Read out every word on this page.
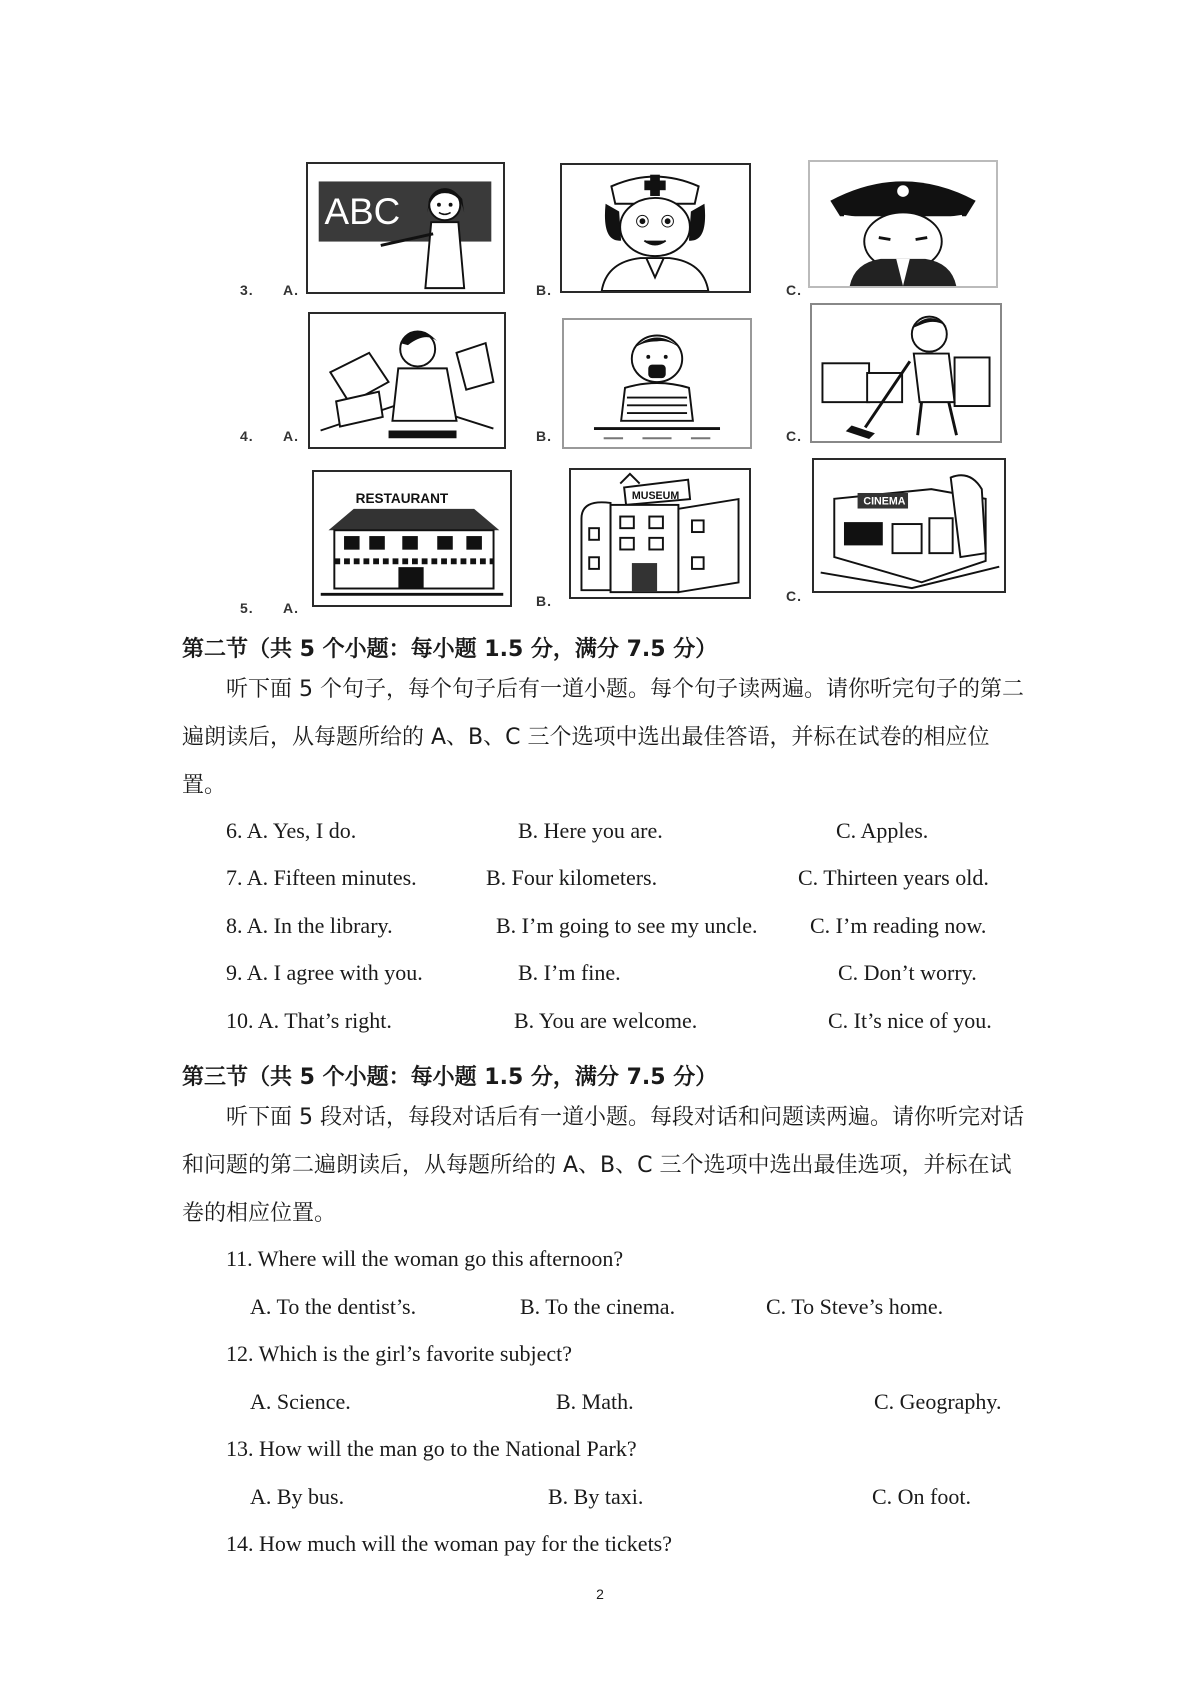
3. A.
ABC
B.	C.
4. A.	B.	C.
5. A.
RESTAURANT
B.
MUSEUM
C.
CINEMA
第二节（共 5 个小题：每小题 1.5 分，满分 7.5 分）
听下面 5 个句子，每个句子后有一道小题。每个句子读两遍。请你听完句子的第二遍朗读后，从每题所给的 A、B、C 三个选项中选出最佳答语，并标在试卷的相应位置。
6. A. Yes, I do.	B. Here you are.	C. Apples.
7. A. Fifteen minutes.	B. Four kilometers.	C. Thirteen years old.
8. A. In the library.	B. I’m going to see my uncle. C. I’m reading now.
9. A. I agree with you.	B. I’m fine.	C. Don’t worry.
10. A. That’s right.	B. You are welcome.	C. It’s nice of you.
第三节（共 5 个小题：每小题 1.5 分，满分 7.5 分）
听下面 5 段对话，每段对话后有一道小题。每段对话和问题读两遍。请你听完对话和问题的第二遍朗读后，从每题所给的 A、B、C 三个选项中选出最佳选项，并标在试卷的相应位置。
11. Where will the woman go this afternoon?
A. To the dentist’s.	B. To the cinema.	C. To Steve’s home.
12. Which is the girl’s favorite subject?
A. Science.	B. Math.	C. Geography.
13. How will the man go to the National Park?
A. By bus.	B. By taxi.	C. On foot.
14. How much will the woman pay for the tickets?
2
